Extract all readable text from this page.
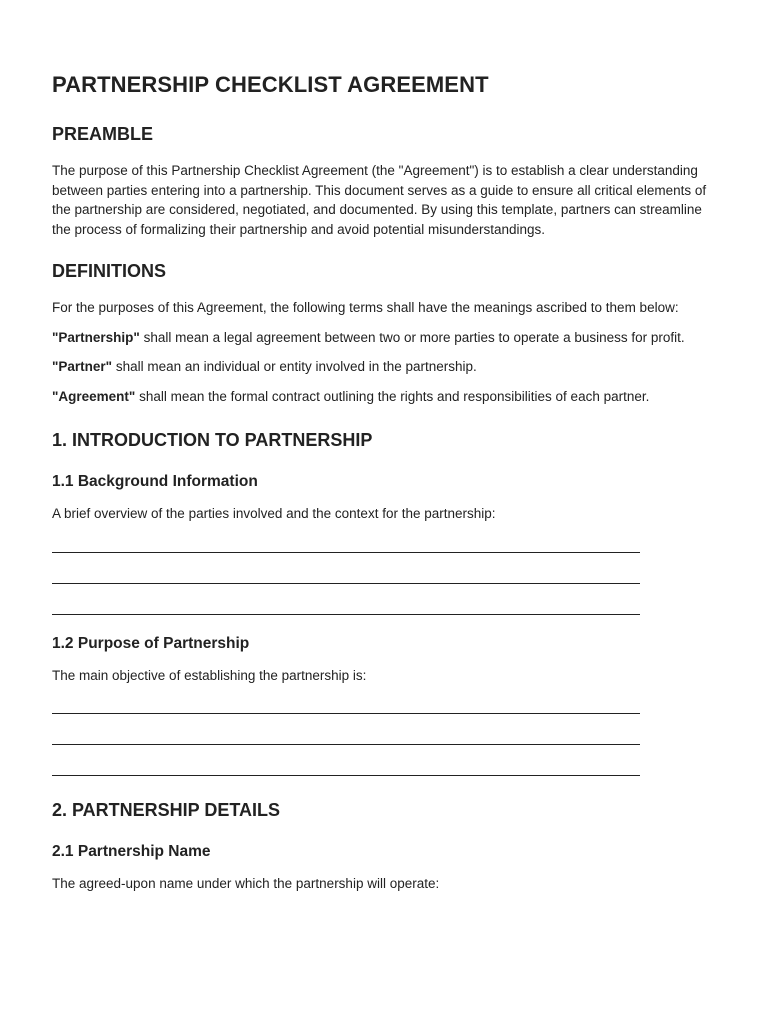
PARTNERSHIP CHECKLIST AGREEMENT
PREAMBLE

The purpose of this Partnership Checklist Agreement (the "Agreement") is to establish a clear understanding between parties entering into a partnership. This document serves as a guide to ensure all critical elements of the partnership are considered, negotiated, and documented. By using this template, partners can streamline the process of formalizing their partnership and avoid potential misunderstandings.

DEFINITIONS

For the purposes of this Agreement, the following terms shall have the meanings ascribed to them below:

"Partnership" shall mean a legal agreement between two or more parties to operate a business for profit.

"Partner" shall mean an individual or entity involved in the partnership.

"Agreement" shall mean the formal contract outlining the rights and responsibilities of each partner.

1. INTRODUCTION TO PARTNERSHIP
1.1 Background Information

A brief overview of the parties involved and the context for the partnership:

1.2 Purpose of Partnership

The main objective of establishing the partnership is:

2. PARTNERSHIP DETAILS
2.1 Partnership Name

The agreed-upon name under which the partnership will operate:
